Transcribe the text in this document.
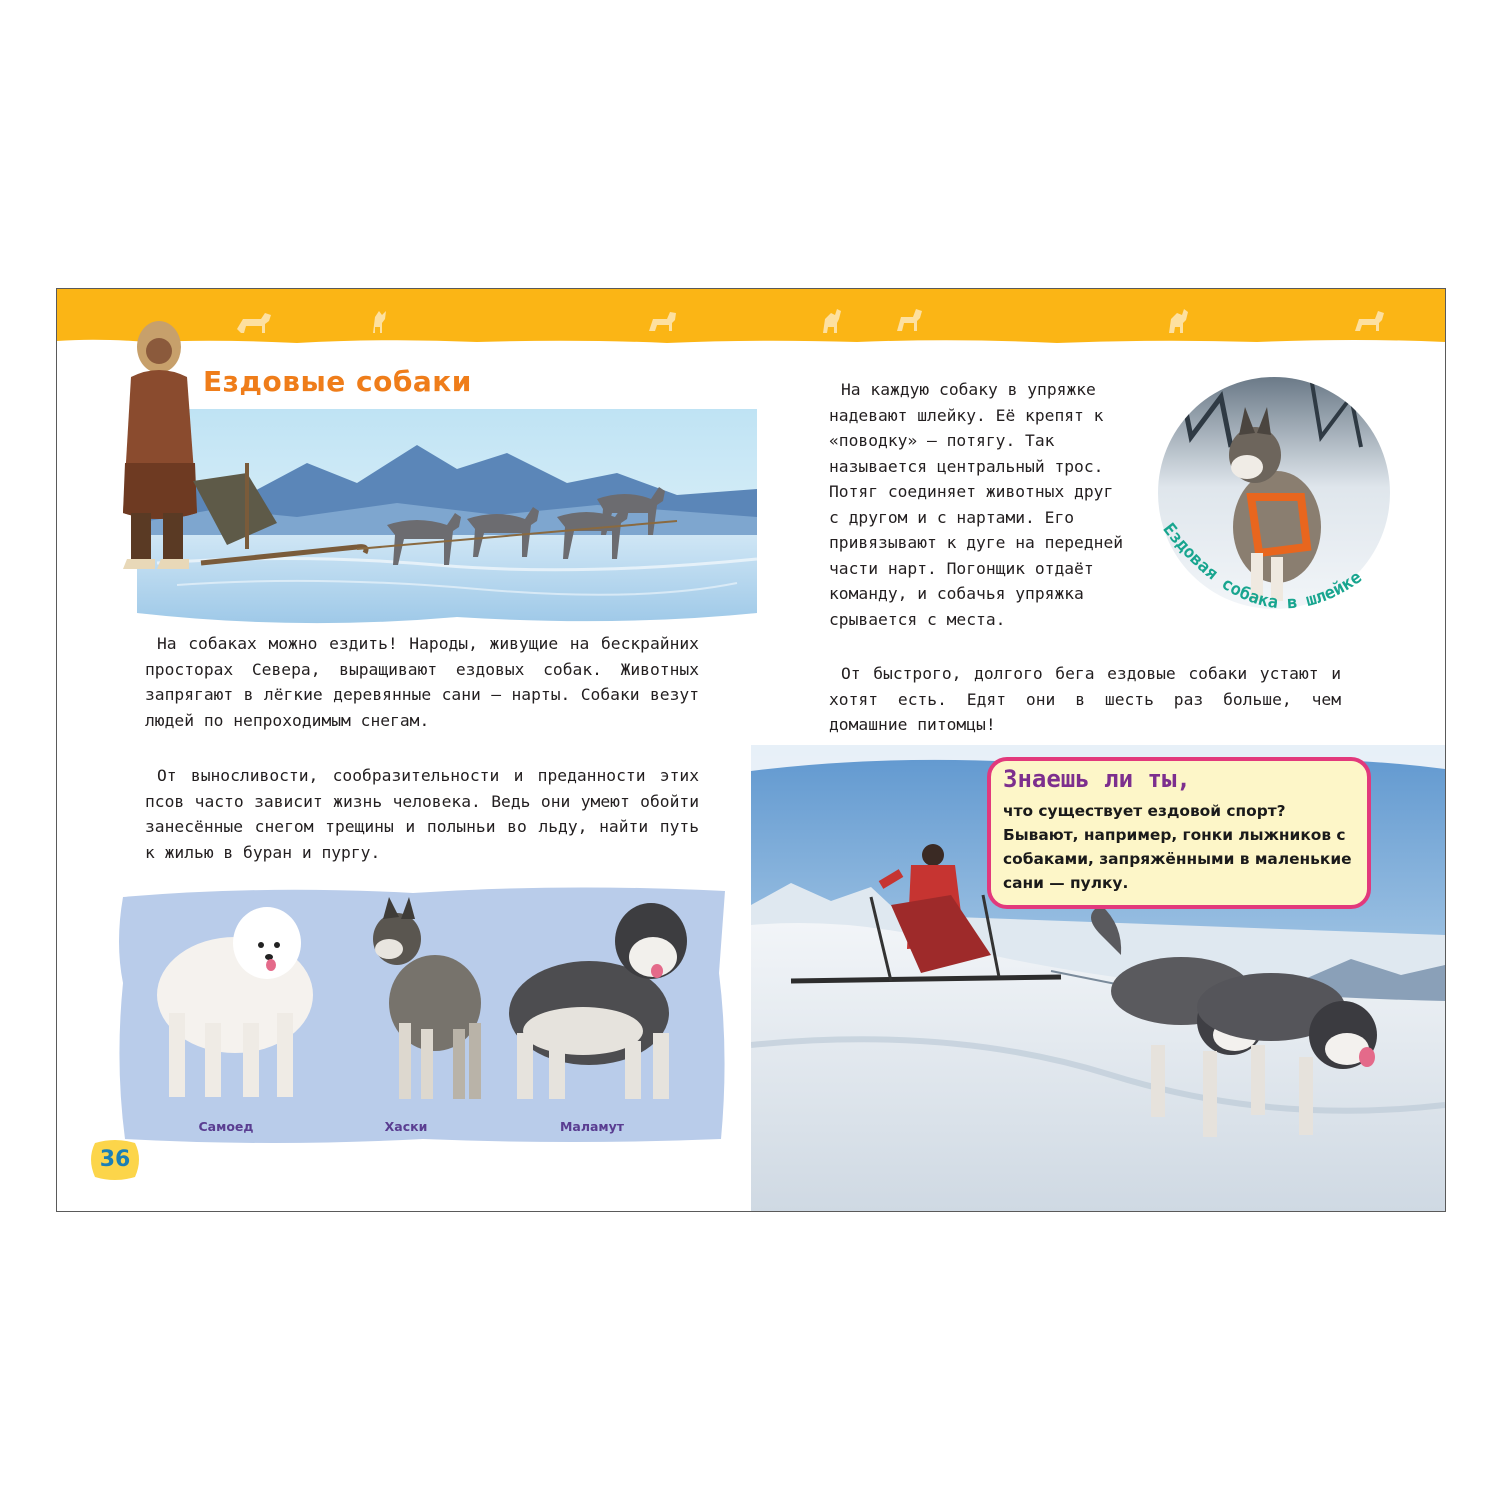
Ездовые собаки

На собаках можно ездить! Народы, живущие на бескрайних просторах Севера, выращивают ездовых собак. Животных запрягают в лёгкие деревянные сани — нарты. Собаки везут людей по непроходимым снегам.

От выносливости, сообразительности и преданности этих псов часто зависит жизнь человека. Ведь они умеют обойти занесённые снегом трещины и полыньи во льду, найти путь к жилью в буран и пургу.

Самоед	Хаски	Маламут
36

На каждую собаку в упряжке надевают шлейку. Её крепят к «поводку» — потягу. Так называется центральный трос. Потяг соединяет животных друг с другом и с нартами. Его привязывают к дуге на передней части нарт. Погонщик отдаёт команду, и собачья упряжка срывается с места.

Ездовая собака в шлейке

От быстрого, долгого бега ездовые собаки устают и хотят есть. Едят они в шесть раз больше, чем домашние питомцы!

Знаешь ли ты,

что существует ездовой спорт? Бывают, например, гонки лыжников с собаками, запряжёнными в маленькие сани — пулку.
